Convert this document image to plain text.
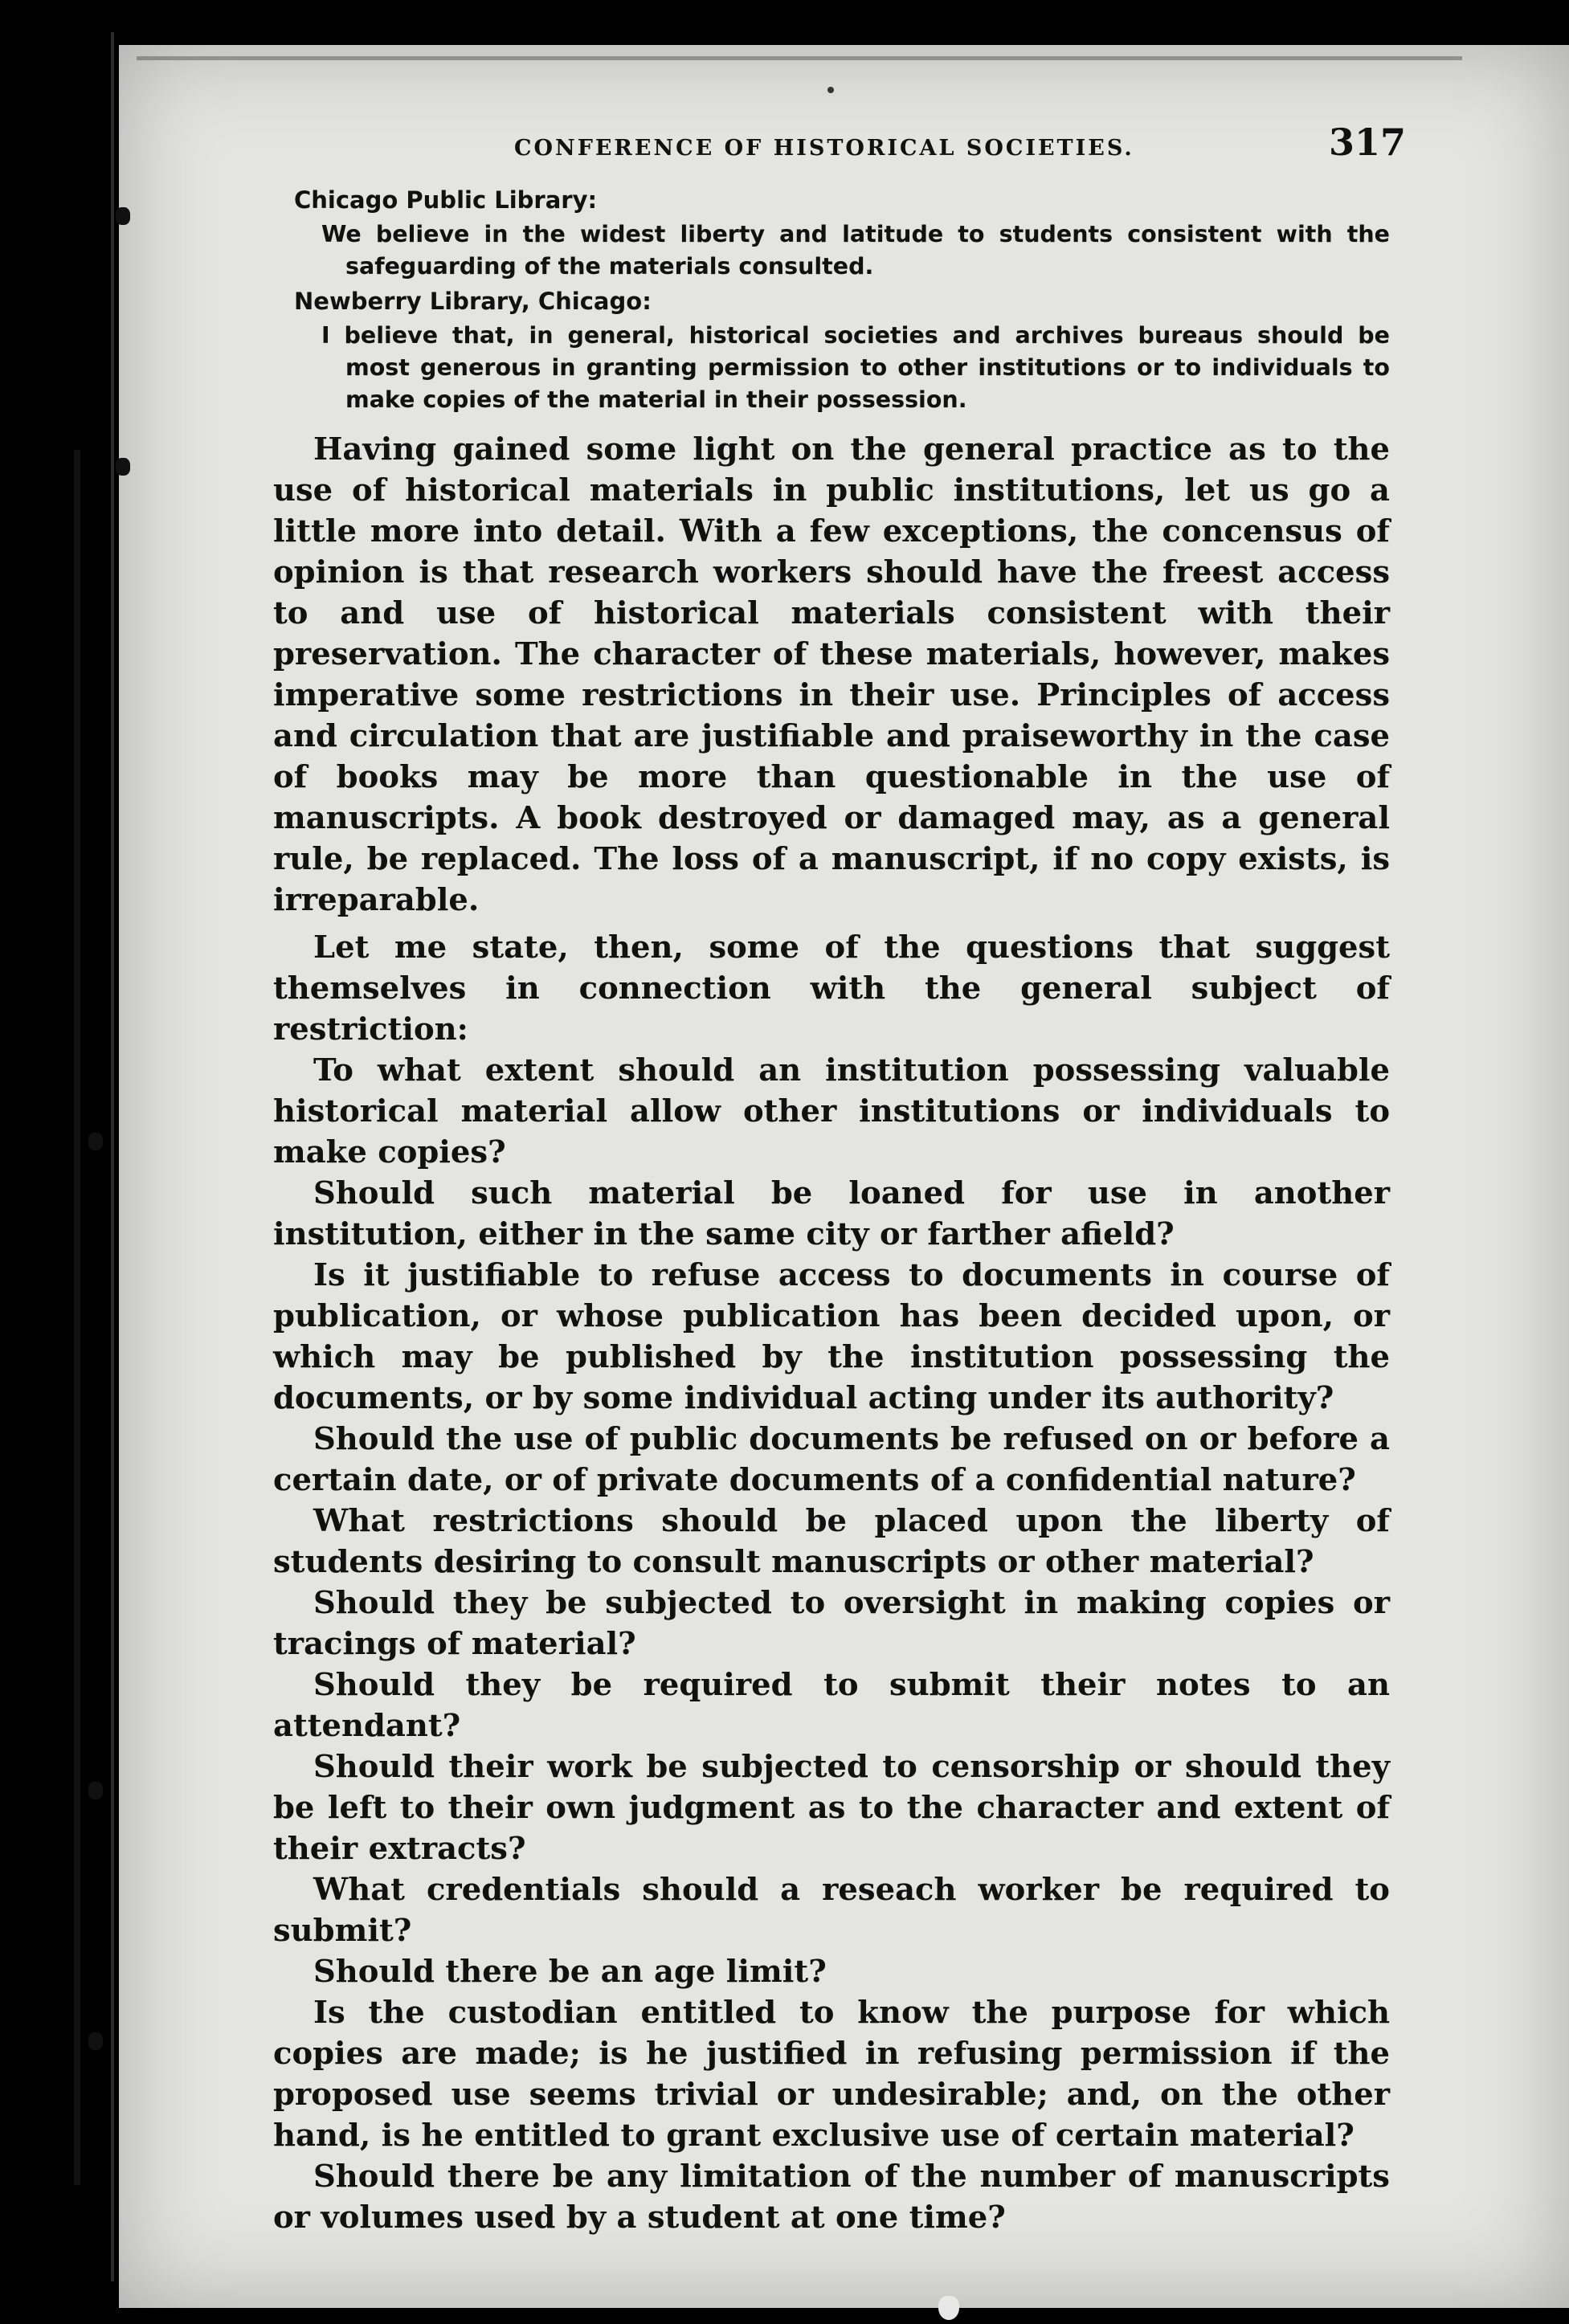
CONFERENCE OF HISTORICAL SOCIETIES.	317
Chicago Public Library:

We believe in the widest liberty and latitude to students consistent with the safeguarding of the materials consulted.

Newberry Library, Chicago:

I believe that, in general, historical societies and archives bureaus should be most generous in granting permission to other institutions or to individuals to make copies of the material in their possession.

Having gained some light on the general practice as to the use of historical materials in public institutions, let us go a little more into detail. With a few exceptions, the concensus of opinion is that research workers should have the freest access to and use of historical materials consistent with their preservation. The character of these materials, however, makes imperative some restrictions in their use. Principles of access and circulation that are justifiable and praiseworthy in the case of books may be more than questionable in the use of manuscripts. A book destroyed or damaged may, as a general rule, be replaced. The loss of a manuscript, if no copy exists, is irreparable.

Let me state, then, some of the questions that suggest themselves in connection with the general subject of restriction:

To what extent should an institution possessing valuable historical material allow other institutions or individuals to make copies?

Should such material be loaned for use in another institution, either in the same city or farther afield?

Is it justifiable to refuse access to documents in course of publication, or whose publication has been decided upon, or which may be published by the institution possessing the documents, or by some individual acting under its authority?

Should the use of public documents be refused on or before a certain date, or of private documents of a confidential nature?

What restrictions should be placed upon the liberty of students desiring to consult manuscripts or other material?

Should they be subjected to oversight in making copies or tracings of material?

Should they be required to submit their notes to an attendant?

Should their work be subjected to censorship or should they be left to their own judgment as to the character and extent of their extracts?

What credentials should a reseach worker be required to submit?

Should there be an age limit?

Is the custodian entitled to know the purpose for which copies are made; is he justified in refusing permission if the proposed use seems trivial or undesirable; and, on the other hand, is he entitled to grant exclusive use of certain material?

Should there be any limitation of the number of manuscripts or volumes used by a student at one time?
